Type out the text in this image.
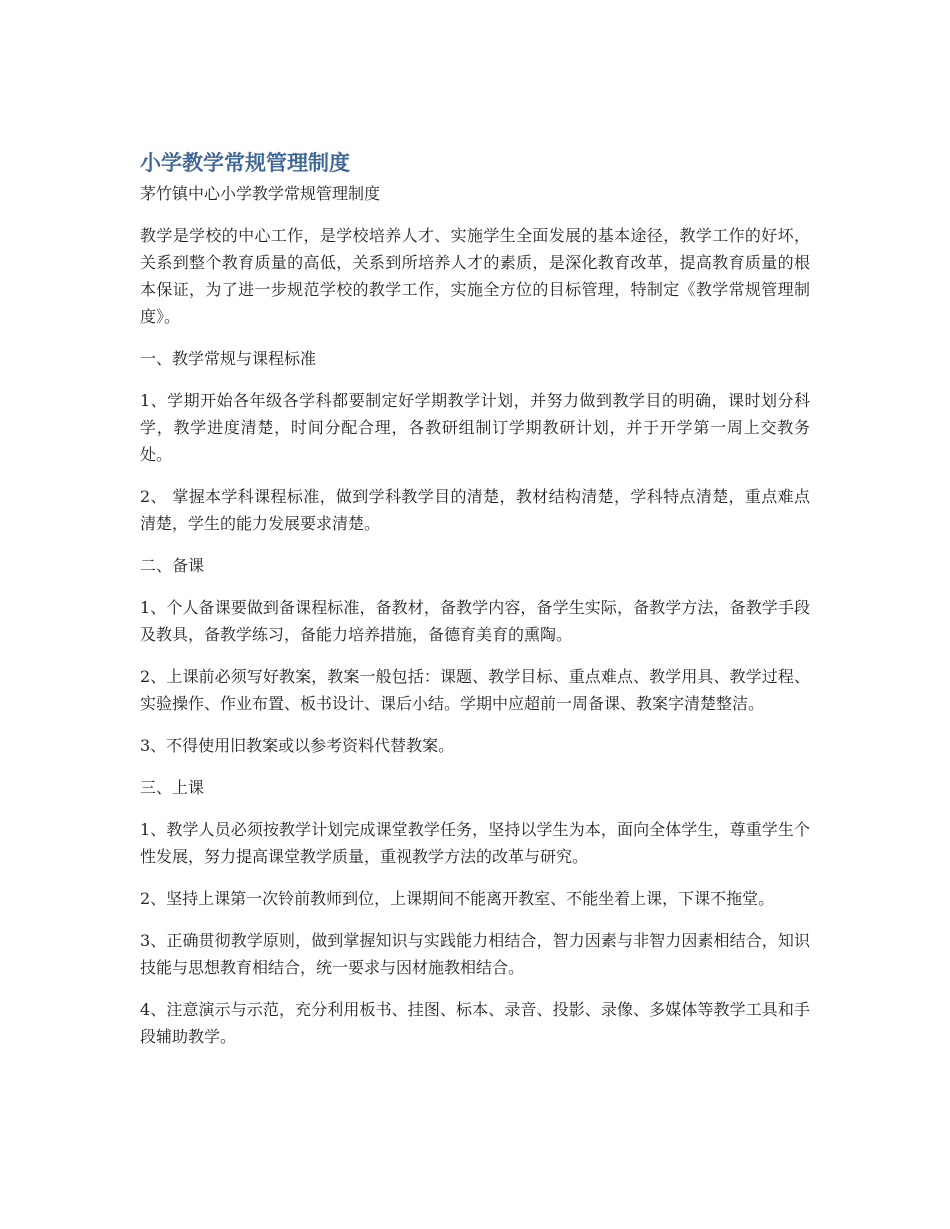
小学教学常规管理制度

茅竹镇中心小学教学常规管理制度

教学是学校的中心工作，是学校培养人才、实施学生全面发展的基本途径，教学工作的好坏，关系到整个教育质量的高低，关系到所培养人才的素质，是深化教育改革，提高教育质量的根本保证，为了进一步规范学校的教学工作，实施全方位的目标管理，特制定《教学常规管理制度》。

一、教学常规与课程标准

1、学期开始各年级各学科都要制定好学期教学计划，并努力做到教学目的明确，课时划分科学，教学进度清楚，时间分配合理，各教研组制订学期教研计划，并于开学第一周上交教务处。

2、 掌握本学科课程标准，做到学科教学目的清楚，教材结构清楚，学科特点清楚，重点难点清楚，学生的能力发展要求清楚。

二、备课

1、个人备课要做到备课程标准，备教材，备教学内容，备学生实际，备教学方法，备教学手段及教具，备教学练习，备能力培养措施，备德育美育的熏陶。

2、上课前必须写好教案，教案一般包括：课题、教学目标、重点难点、教学用具、教学过程、实验操作、作业布置、板书设计、课后小结。学期中应超前一周备课、教案字清楚整洁。

3、不得使用旧教案或以参考资料代替教案。

三、上课

1、教学人员必须按教学计划完成课堂教学任务，坚持以学生为本，面向全体学生，尊重学生个性发展，努力提高课堂教学质量，重视教学方法的改革与研究。

2、坚持上课第一次铃前教师到位，上课期间不能离开教室、不能坐着上课，下课不拖堂。

3、正确贯彻教学原则，做到掌握知识与实践能力相结合，智力因素与非智力因素相结合，知识技能与思想教育相结合，统一要求与因材施教相结合。

4、注意演示与示范，充分利用板书、挂图、标本、录音、投影、录像、多媒体等教学工具和手段辅助教学。
